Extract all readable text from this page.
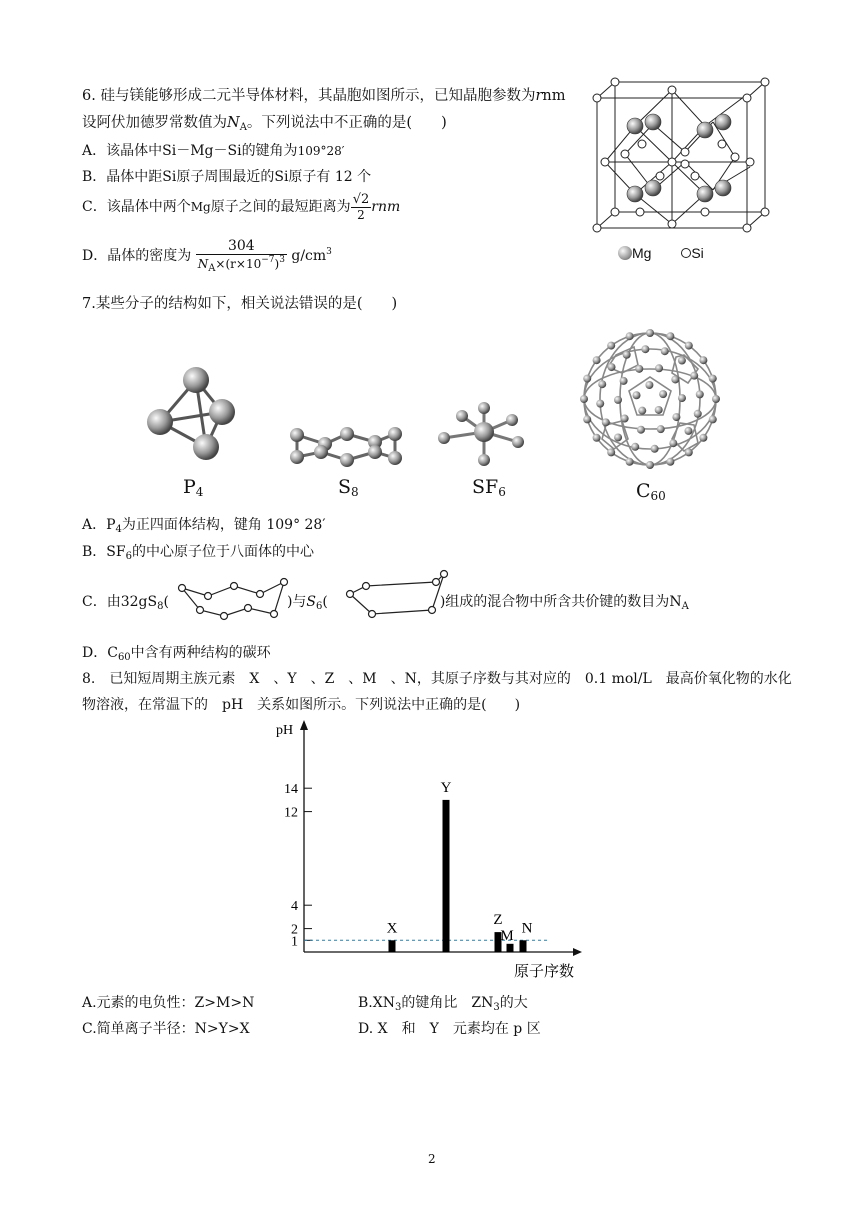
6. 硅与镁能够形成二元半导体材料，其晶胞如图所示，已知晶胞参数为rnm
设阿伏加德罗常数值为$N_A$。下列说法中不正确的是(　　)
A．该晶体中Si－Mg－Si的键角为109°28′
B．晶体中距Si原子周围最近的Si原子有 12 个
C．该晶体中两个Mg原子之间的最短距离为 $\frac{√2}{2}$ rnm
D．晶体的密度为 $\frac{304}{N_A\times(r\times 10^{-7})^3} g/cm^3$	Mg	Si
7.某些分子的结构如下，相关说法错误的是(　　)
$P_4$	$S_8$	$SF_6$	$C_{60}$
A．$P_4$为正四面体结构，键角 109° 28′
B．$SF_6$的中心原子位于八面体的中心
C．由$32gS_8$(	)与$S_6$(	)组成的混合物中所含共价键的数目为$N_A$
D．$C_{60}$中含有两种结构的碳环
8.　已知短周期主族元素　X　、Y　、Z　、M　、N，其原子序数与其对应的　0.1 mol/L　最高价氧化物的水化
物溶液，在常温下的　pH　关系如图所示。下列说法中正确的是(　　)
pH
原子序数
1
2
4
12
14
X
Y
Z
M N
A.元素的电负性：Z>M>N	$B.XN_3$的键角比　$ZN_3$的大
C.简单离子半径：N>Y>X	D. X　和　Y　元素均在 p 区
2
